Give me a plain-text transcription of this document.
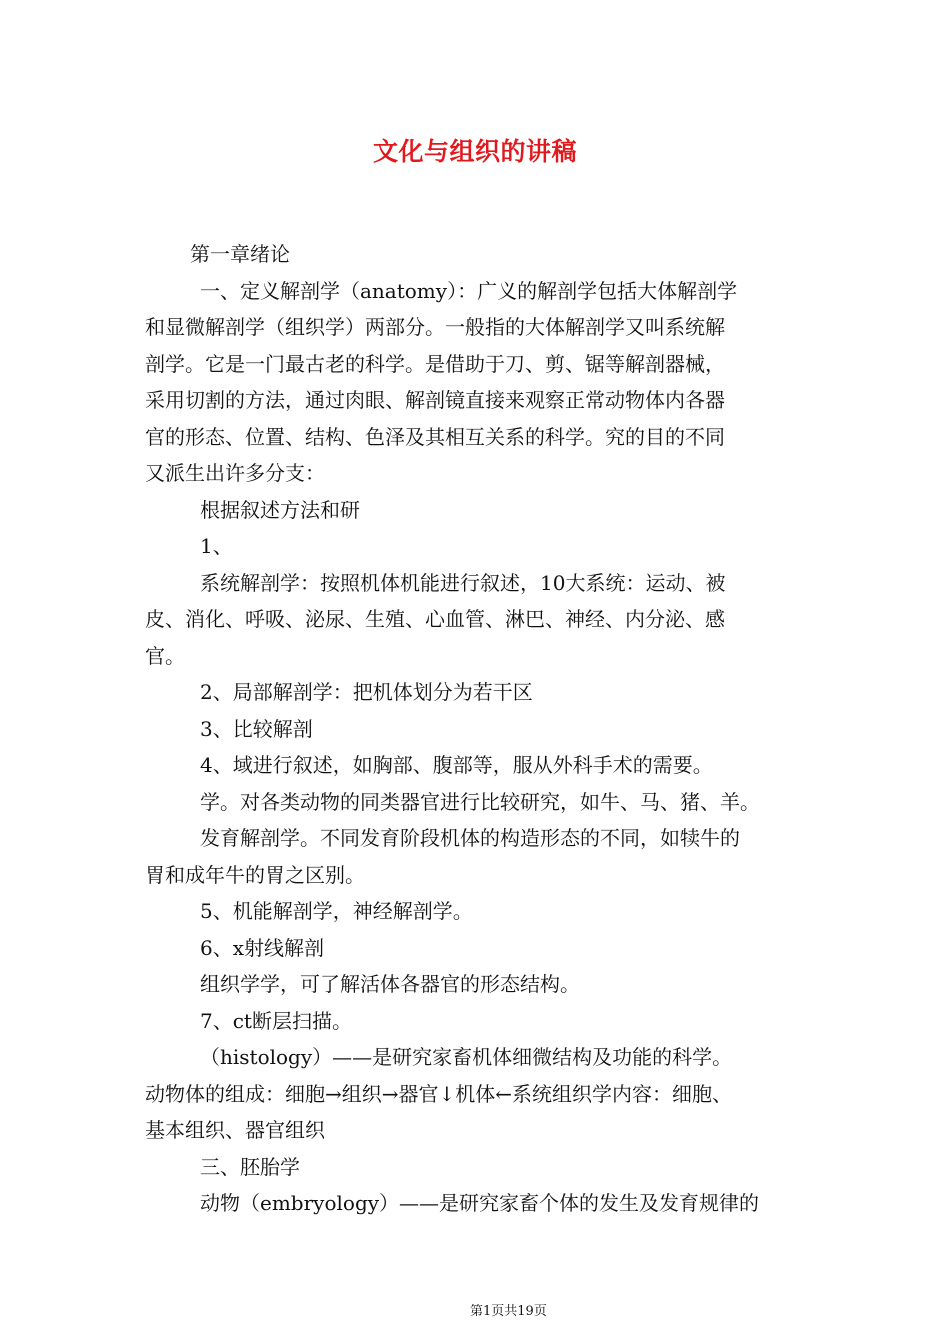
文化与组织的讲稿
第一章绪论
一、定义解剖学（anatomy）：广义的解剖学包括大体解剖学
和显微解剖学（组织学）两部分。一般指的大体解剖学又叫系统解
剖学。它是一门最古老的科学。是借助于刀、剪、锯等解剖器械，
采用切割的方法，通过肉眼、解剖镜直接来观察正常动物体内各器
官的形态、位置、结构、色泽及其相互关系的科学。究的目的不同
又派生出许多分支：
根据叙述方法和研
1、
系统解剖学：按照机体机能进行叙述，10大系统：运动、被
皮、消化、呼吸、泌尿、生殖、心血管、淋巴、神经、内分泌、感
官。
2、局部解剖学：把机体划分为若干区
3、比较解剖
4、域进行叙述，如胸部、腹部等，服从外科手术的需要。
学。对各类动物的同类器官进行比较研究，如牛、马、猪、羊。
发育解剖学。不同发育阶段机体的构造形态的不同，如犊牛的
胃和成年牛的胃之区别。
5、机能解剖学，神经解剖学。
6、x射线解剖
组织学学，可了解活体各器官的形态结构。
7、ct断层扫描。
（histology）——是研究家畜机体细微结构及功能的科学。
动物体的组成：细胞→组织→器官↓机体←系统组织学内容：细胞、
基本组织、器官组织
三、胚胎学
动物（embryology）——是研究家畜个体的发生及发育规律的
第1页共19页
